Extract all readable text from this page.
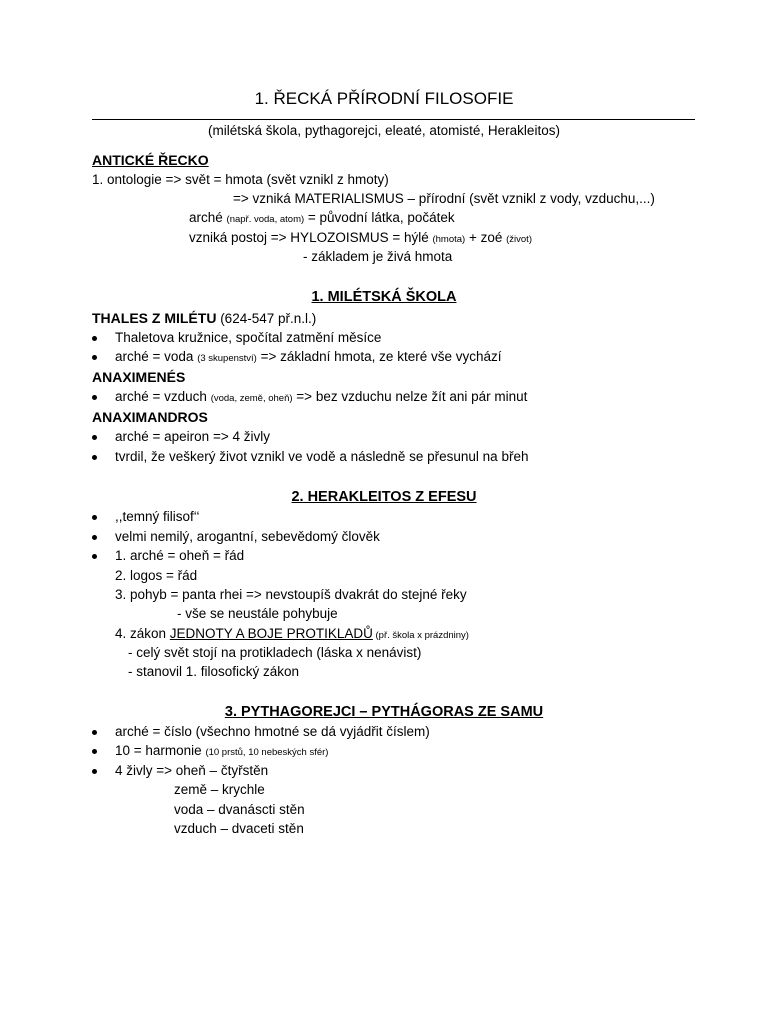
1. ŘECKÁ PŘÍRODNÍ FILOSOFIE
(milétská škola, pythagorejci, eleaté, atomisté, Herakleitos)
ANTICKÉ ŘECKO
1. ontologie => svět = hmota (svět vznikl z hmoty)
=> vzniká MATERIALISMUS – přírodní (svět vznikl z vody, vzduchu,...)
arché (např. voda, atom) = původní látka, počátek
vzniká postoj => HYLOZOISMUS = hýlé (hmota) + zoé (život)
- základem je živá hmota
1. MILÉTSKÁ ŠKOLA
THALES Z MILÉTU (624-547 př.n.l.)
Thaletova kružnice, spočítal zatmění měsíce
arché = voda (3 skupenství) => základní hmota, ze které vše vychází
ANAXIMENÉS
arché = vzduch (voda, země, oheň) => bez vzduchu nelze žít ani pár minut
ANAXIMANDROS
arché = apeiron => 4 živly
tvrdil, že veškerý život vznikl ve vodě a následně se přesunul na břeh
2. HERAKLEITOS Z EFESU
,,temný filisof‘‘
velmi nemilý, arogantní, sebevědomý člověk
1. arché = oheň = řád
2. logos = řád
3. pohyb = panta rhei => nevstoupíš dvakrát do stejné řeky
- vše se neustále pohybuje
4. zákon JEDNOTY A BOJE PROTIKLADŮ (př. škola x prázdniny)
- celý svět stojí na protikladech (láska x nenávist)
- stanovil 1. filosofický zákon
3. PYTHAGOREJCI – PYTHÁGORAS ZE SAMU
arché = číslo (všechno hmotné se dá vyjádřit číslem)
10 = harmonie (10 prstů, 10 nebeských sfér)
4 živly => oheň – čtyřstěn
země – krychle
voda – dvanáscti stěn
vzduch – dvaceti stěn
